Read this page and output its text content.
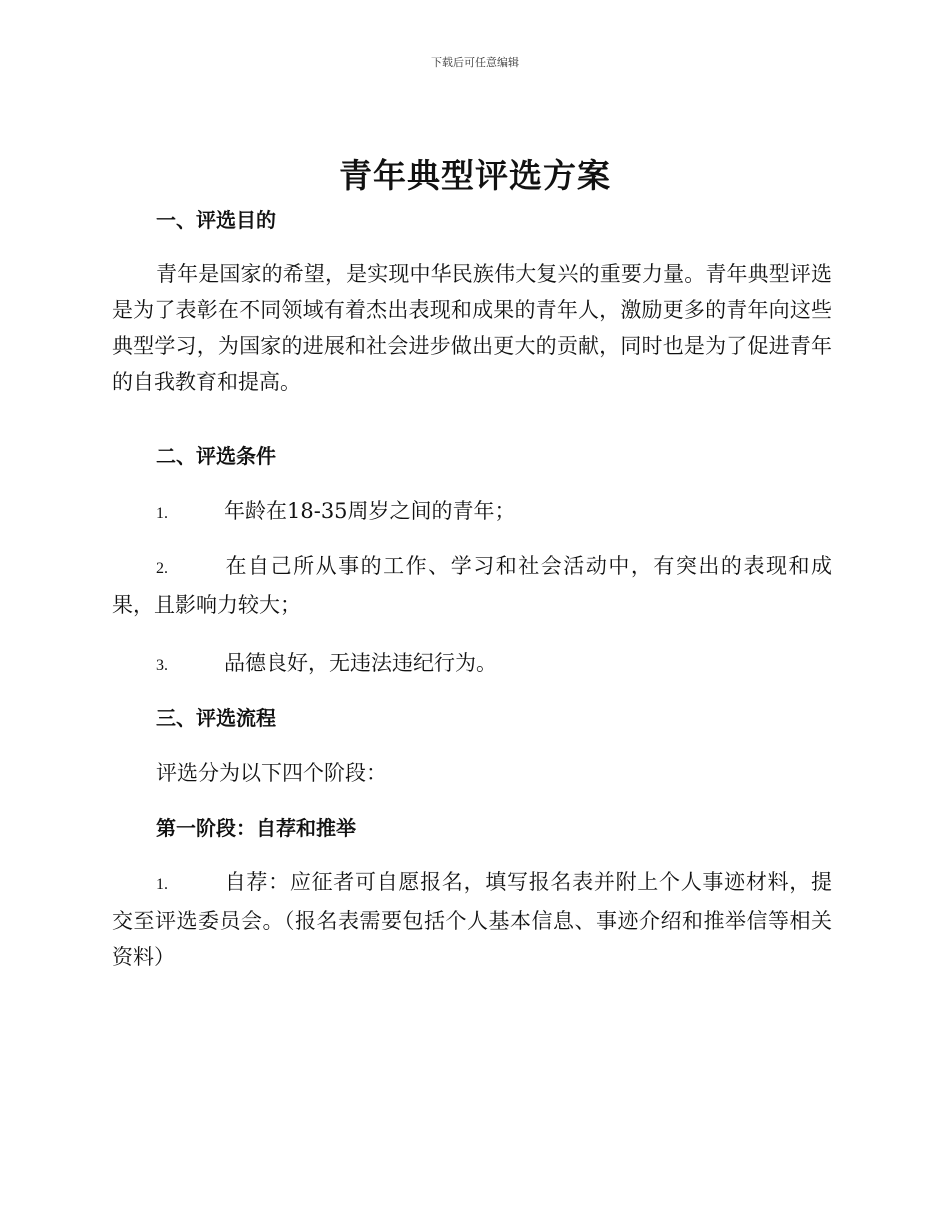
下载后可任意编辑
青年典型评选方案
一、评选目的
青年是国家的希望，是实现中华民族伟大复兴的重要力量。青年典型评选是为了表彰在不同领域有着杰出表现和成果的青年人，激励更多的青年向这些典型学习，为国家的进展和社会进步做出更大的贡献，同时也是为了促进青年的自我教育和提高。
二、评选条件
1.	年龄在18-35周岁之间的青年；
2.	在自己所从事的工作、学习和社会活动中，有突出的表现和成果，且影响力较大；
3.	品德良好，无违法违纪行为。
三、评选流程
评选分为以下四个阶段：
第一阶段：自荐和推举
1.	自荐：应征者可自愿报名，填写报名表并附上个人事迹材料，提交至评选委员会。（报名表需要包括个人基本信息、事迹介绍和推举信等相关资料）
